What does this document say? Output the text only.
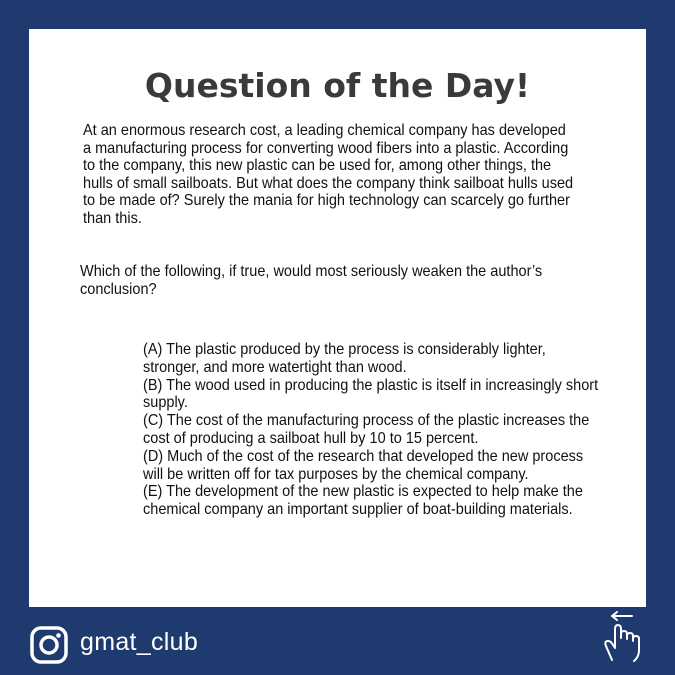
Question of the Day!

At an enormous research cost, a leading chemical company has developed a manufacturing process for converting wood fibers into a plastic. According to the company, this new plastic can be used for, among other things, the hulls of small sailboats. But what does the company think sailboat hulls used to be made of? Surely the mania for high technology can scarcely go further than this.

Which of the following, if true, would most seriously weaken the author’s conclusion?

(A) The plastic produced by the process is considerably lighter, stronger, and more watertight than wood.
(B) The wood used in producing the plastic is itself in increasingly short supply.
(C) The cost of the manufacturing process of the plastic increases the cost of producing a sailboat hull by 10 to 15 percent.
(D) Much of the cost of the research that developed the new process will be written off for tax purposes by the chemical company.
(E) The development of the new plastic is expected to help make the chemical company an important supplier of boat-building materials.
gmat_club
